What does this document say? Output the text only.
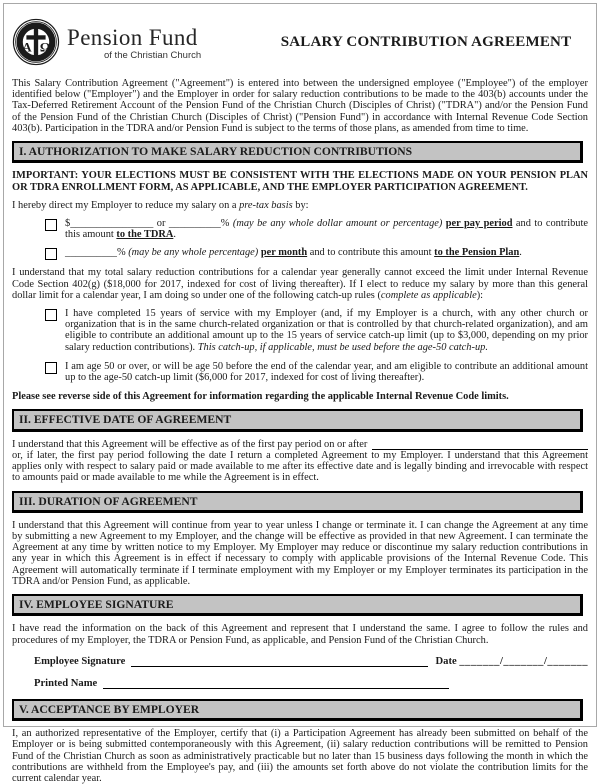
Α Ω Pension Fund
of the Christian Church
SALARY CONTRIBUTION AGREEMENT

This Salary Contribution Agreement ("Agreement") is entered into between the undersigned employee ("Employee") of the employer identified below ("Employer") and the Employer in order for salary reduction contributions to be made to the 403(b) accounts under the Tax-Deferred Retirement Account of the Pension Fund of the Christian Church (Disciples of Christ) ("TDRA") and/or the Pension Fund of the Pension Fund of the Christian Church (Disciples of Christ) ("Pension Fund") in accordance with Internal Revenue Code Section 403(b). Participation in the TDRA and/or Pension Fund is subject to the terms of those plans, as amended from time to time.

I. AUTHORIZATION TO MAKE SALARY REDUCTION CONTRIBUTIONS

IMPORTANT: YOUR ELECTIONS MUST BE CONSISTENT WITH THE ELECTIONS MADE ON YOUR PENSION PLAN OR TDRA ENROLLMENT FORM, AS APPLICABLE, AND THE EMPLOYER PARTICIPATION AGREEMENT.

I hereby direct my Employer to reduce my salary on a pre-tax basis by:

$________________ or __________% (may be any whole dollar amount or percentage) per pay period and to contribute this amount to the TDRA.
__________% (may be any whole percentage) per month and to contribute this amount to the Pension Plan.

I understand that my total salary reduction contributions for a calendar year generally cannot exceed the limit under Internal Revenue Code Section 402(g) ($18,000 for 2017, indexed for cost of living thereafter). If I elect to reduce my salary by more than this general dollar limit for a calendar year, I am doing so under one of the following catch-up rules (complete as applicable):

I have completed 15 years of service with my Employer (and, if my Employer is a church, with any other church or organization that is in the same church-related organization or that is controlled by that church-related organization), and am eligible to contribute an additional amount up to the 15 years of service catch-up limit (up to $3,000, depending on my prior salary reduction contributions). This catch-up, if applicable, must be used before the age-50 catch-up.
I am age 50 or over, or will be age 50 before the end of the calendar year, and am eligible to contribute an additional amount up to the age-50 catch-up limit ($6,000 for 2017, indexed for cost of living thereafter).

Please see reverse side of this Agreement for information regarding the applicable Internal Revenue Code limits.

II. EFFECTIVE DATE OF AGREEMENT
I understand that this Agreement will be effective as of the first pay period on or after

or, if later, the first pay period following the date I return a completed Agreement to my Employer. I understand that this Agreement applies only with respect to salary paid or made available to me after its effective date and is legally binding and irrevocable with respect to amounts paid or made available to me while the Agreement is in effect.

III. DURATION OF AGREEMENT

I understand that this Agreement will continue from year to year unless I change or terminate it. I can change the Agreement at any time by submitting a new Agreement to my Employer, and the change will be effective as provided in that new Agreement. I can terminate the Agreement at any time by written notice to my Employer. My Employer may reduce or discontinue my salary reduction contributions in any year in which this Agreement is in effect if necessary to comply with applicable provisions of the Internal Revenue Code. This Agreement will automatically terminate if I terminate employment with my Employer or my Employer terminates its participation in the TDRA and/or Pension Fund, as applicable.

IV. EMPLOYEE SIGNATURE

I have read the information on the back of this Agreement and represent that I understand the same. I agree to follow the rules and procedures of my Employer, the TDRA or Pension Fund, as applicable, and Pension Fund of the Christian Church.

Employee Signature	Date _______/_______/_______
Printed Name
V. ACCEPTANCE BY EMPLOYER

I, an authorized representative of the Employer, certify that (i) a Participation Agreement has already been submitted on behalf of the Employer or is being submitted contemporaneously with this Agreement, (ii) salary reduction contributions will be remitted to Pension Fund of the Christian Church as soon as administratively practicable but no later than 15 business days following the month in which the contributions are withheld from the Employee's pay, and (iii) the amounts set forth above do not violate the contribution limits for the current calendar year.
